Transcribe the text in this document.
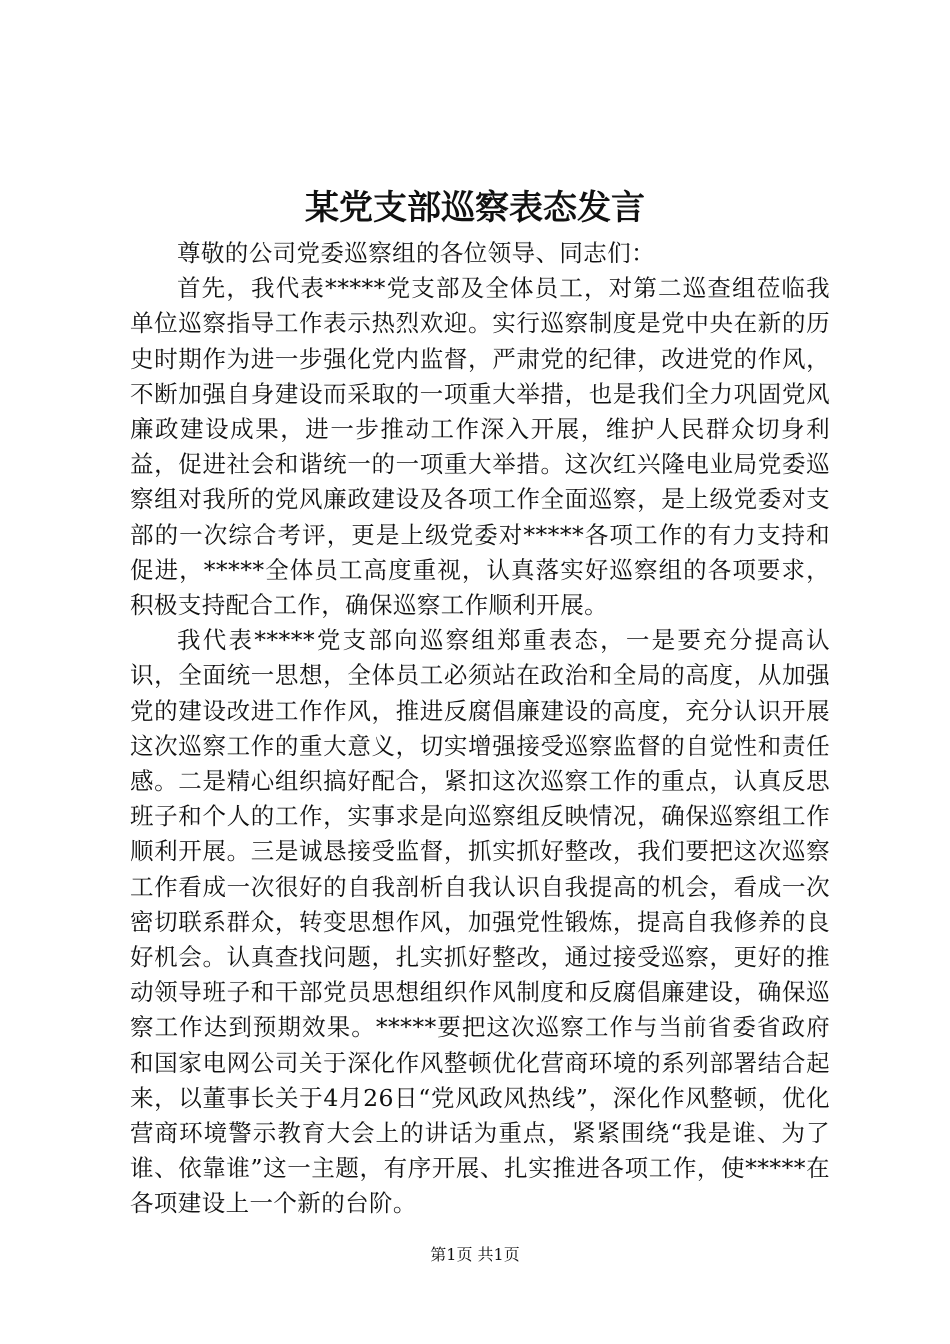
某党支部巡察表态发言

尊敬的公司党委巡察组的各位领导、同志们：

首先，我代表*****党支部及全体员工，对第二巡查组莅临我单位巡察指导工作表示热烈欢迎。实行巡察制度是党中央在新的历史时期作为进一步强化党内监督，严肃党的纪律，改进党的作风，不断加强自身建设而采取的一项重大举措，也是我们全力巩固党风廉政建设成果，进一步推动工作深入开展，维护人民群众切身利益，促进社会和谐统一的一项重大举措。这次红兴隆电业局党委巡察组对我所的党风廉政建设及各项工作全面巡察，是上级党委对支部的一次综合考评，更是上级党委对*****各项工作的有力支持和促进，*****全体员工高度重视，认真落实好巡察组的各项要求，积极支持配合工作，确保巡察工作顺利开展。

我代表*****党支部向巡察组郑重表态，一是要充分提高认识，全面统一思想，全体员工必须站在政治和全局的高度，从加强党的建设改进工作作风，推进反腐倡廉建设的高度，充分认识开展这次巡察工作的重大意义，切实增强接受巡察监督的自觉性和责任感。二是精心组织搞好配合，紧扣这次巡察工作的重点，认真反思班子和个人的工作，实事求是向巡察组反映情况，确保巡察组工作顺利开展。三是诚恳接受监督，抓实抓好整改，我们要把这次巡察工作看成一次很好的自我剖析自我认识自我提高的机会，看成一次密切联系群众，转变思想作风，加强党性锻炼，提高自我修养的良好机会。认真查找问题，扎实抓好整改，通过接受巡察，更好的推动领导班子和干部党员思想组织作风制度和反腐倡廉建设，确保巡察工作达到预期效果。*****要把这次巡察工作与当前省委省政府和国家电网公司关于深化作风整顿优化营商环境的系列部署结合起来，以董事长关于4月26日“党风政风热线”，深化作风整顿，优化营商环境警示教育大会上的讲话为重点，紧紧围绕“我是谁、为了谁、依靠谁”这一主题，有序开展、扎实推进各项工作，使*****在各项建设上一个新的台阶。

第1页 共1页
